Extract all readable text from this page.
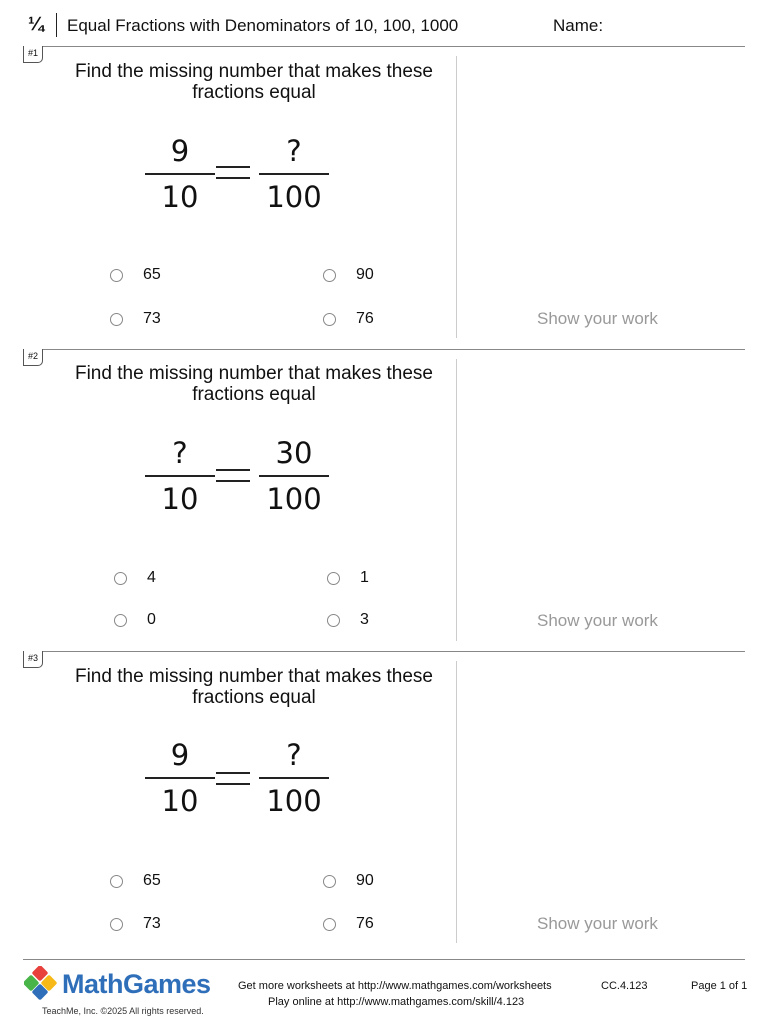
¼ Equal Fractions with Denominators of 10, 100, 1000	Name:
#1
Find the missing number that makes these
fractions equal
9
10
?
100
65	90
73	76	Show your work
#2
Find the missing number that makes these
fractions equal
?
10
30
100
4	1
0	3	Show your work
#3
Find the missing number that makes these
fractions equal
9
10
?
100
65	90
73	76	Show your work
MathGames
TeachMe, Inc. ©2025 All rights reserved.
Get more worksheets at http://www.mathgames.com/worksheets
Play online at http://www.mathgames.com/skill/4.123
CC.4.123	Page 1 of 1
